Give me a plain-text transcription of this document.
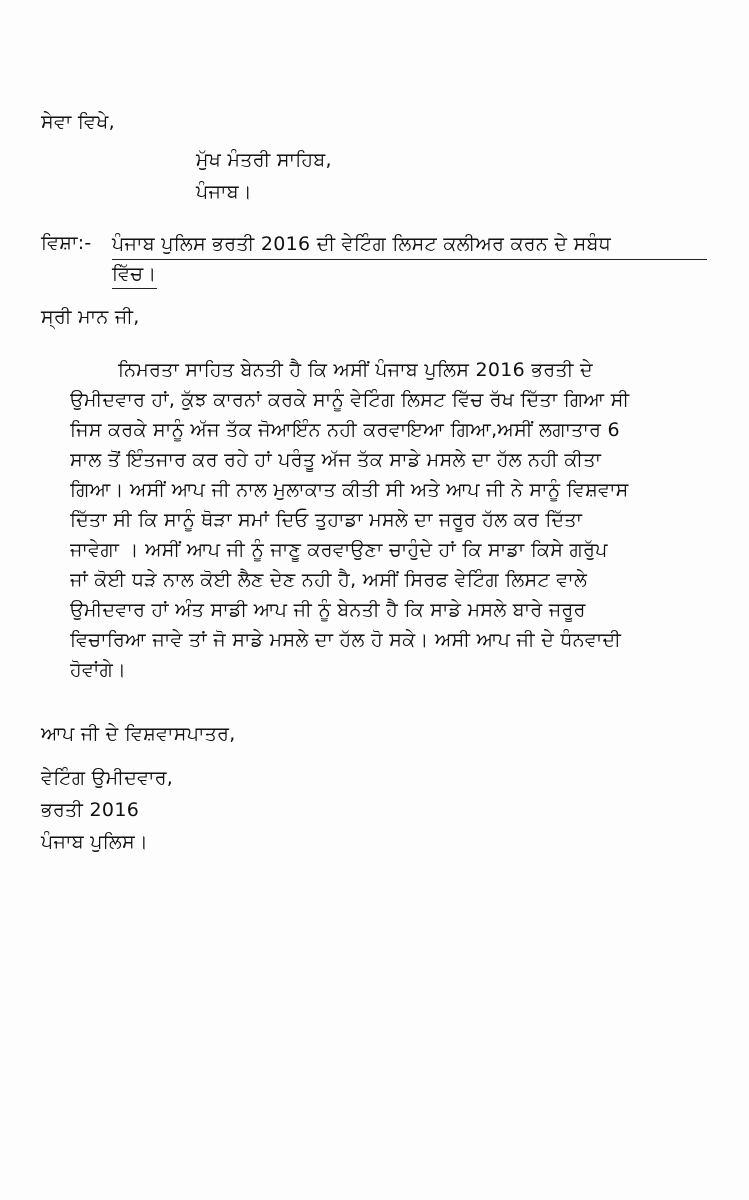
ਸੇਵਾ ਵਿਖੇ,
ਮੁੱਖ ਮੰਤਰੀ ਸਾਹਿਬ,
ਪੰਜਾਬ।
ਵਿਸ਼ਾ:- ਪੰਜਾਬ ਪੁਲਿਸ ਭਰਤੀ 2016 ਦੀ ਵੇਟਿੰਗ ਲਿਸਟ ਕਲੀਅਰ ਕਰਨ ਦੇ ਸਬੰਧ
ਵਿੱਚ।
ਸ੍ਰੀ ਮਾਨ ਜੀ,
ਨਿਮਰਤਾ ਸਾਹਿਤ ਬੇਨਤੀ ਹੈ ਕਿ ਅਸੀਂ ਪੰਜਾਬ ਪੁਲਿਸ 2016 ਭਰਤੀ ਦੇ
ਉਮੀਦਵਾਰ ਹਾਂ, ਕੁੱਝ ਕਾਰਨਾਂ ਕਰਕੇ ਸਾਨੂੰ ਵੇਟਿੰਗ ਲਿਸਟ ਵਿੱਚ ਰੱਖ ਦਿੱਤਾ ਗਿਆ ਸੀ
ਜਿਸ ਕਰਕੇ ਸਾਨੂੰ ਅੱਜ ਤੱਕ ਜੋਆਇੰਨ ਨਹੀ ਕਰਵਾਇਆ ਗਿਆ,ਅਸੀਂ ਲਗਾਤਾਰ 6
ਸਾਲ ਤੋਂ ਇੰਤਜਾਰ ਕਰ ਰਹੇ ਹਾਂ ਪਰੰਤੂ ਅੱਜ ਤੱਕ ਸਾਡੇ ਮਸਲੇ ਦਾ ਹੱਲ ਨਹੀ ਕੀਤਾ
ਗਿਆ। ਅਸੀਂ ਆਪ ਜੀ ਨਾਲ ਮੁਲਾਕਾਤ ਕੀਤੀ ਸੀ ਅਤੇ ਆਪ ਜੀ ਨੇ ਸਾਨੂੰ ਵਿਸ਼ਵਾਸ
ਦਿੱਤਾ ਸੀ ਕਿ ਸਾਨੂੰ ਥੋੜਾ ਸਮਾਂ ਦਿਓ ਤੁਹਾਡਾ ਮਸਲੇ ਦਾ ਜਰੂਰ ਹੱਲ ਕਰ ਦਿੱਤਾ
ਜਾਵੇਗਾ । ਅਸੀਂ ਆਪ ਜੀ ਨੂੰ ਜਾਣੂ ਕਰਵਾਉਣਾ ਚਾਹੁੰਦੇ ਹਾਂ ਕਿ ਸਾਡਾ ਕਿਸੇ ਗਰੁੱਪ
ਜਾਂ ਕੋਈ ਧੜੇ ਨਾਲ ਕੋਈ ਲੈਣ ਦੇਣ ਨਹੀ ਹੈ, ਅਸੀਂ ਸਿਰਫ ਵੇਟਿੰਗ ਲਿਸਟ ਵਾਲੇ
ਉਮੀਦਵਾਰ ਹਾਂ ਅੰਤ ਸਾਡੀ ਆਪ ਜੀ ਨੂੰ ਬੇਨਤੀ ਹੈ ਕਿ ਸਾਡੇ ਮਸਲੇ ਬਾਰੇ ਜਰੂਰ
ਵਿਚਾਰਿਆ ਜਾਵੇ ਤਾਂ ਜੋ ਸਾਡੇ ਮਸਲੇ ਦਾ ਹੱਲ ਹੋ ਸਕੇ। ਅਸੀ ਆਪ ਜੀ ਦੇ ਧੰਨਵਾਦੀ
ਹੋਵਾਂਗੇ।
ਆਪ ਜੀ ਦੇ ਵਿਸ਼ਵਾਸਪਾਤਰ,
ਵੇਟਿੰਗ ਉਮੀਦਵਾਰ,
ਭਰਤੀ 2016
ਪੰਜਾਬ ਪੁਲਿਸ।
